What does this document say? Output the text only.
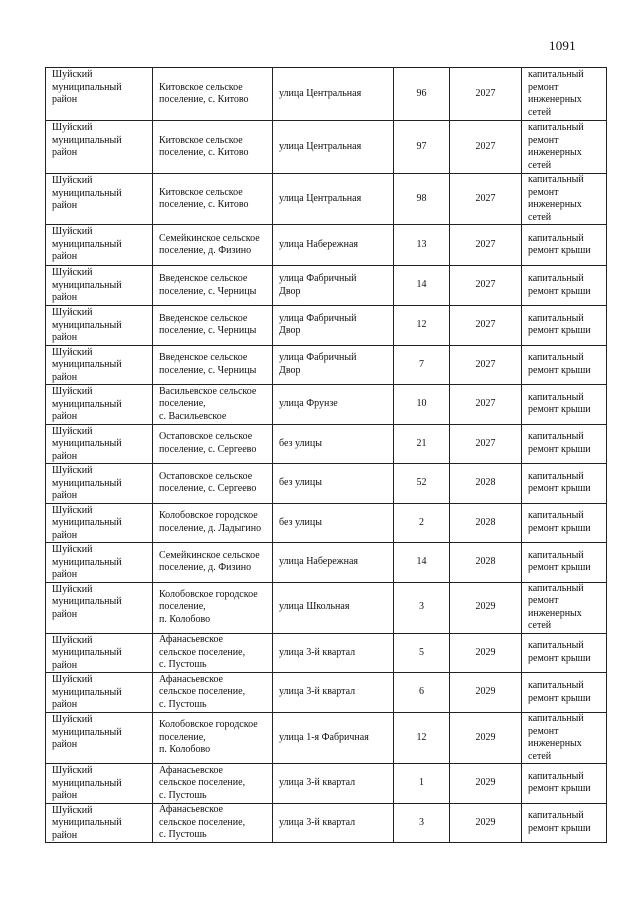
1091
Шуйский
муниципальный
район	Китовское сельское
поселение, с. Китово	улица Центральная	96	2027	капитальный
ремонт
инженерных
сетей

Шуйский
муниципальный
район	Китовское сельское
поселение, с. Китово	улица Центральная	97	2027	капитальный
ремонт
инженерных
сетей

Шуйский
муниципальный
район	Китовское сельское
поселение, с. Китово	улица Центральная	98	2027	капитальный
ремонт
инженерных
сетей

Шуйский
муниципальный
район	Семейкинское сельское
поселение, д. Физино	улица Набережная	13	2027	капитальный
ремонт крыши

Шуйский
муниципальный
район	Введенское сельское
поселение, с. Черницы	улица Фабричный
Двор	14	2027	капитальный
ремонт крыши

Шуйский
муниципальный
район	Введенское сельское
поселение, с. Черницы	улица Фабричный
Двор	12	2027	капитальный
ремонт крыши

Шуйский
муниципальный
район	Введенское сельское
поселение, с. Черницы	улица Фабричный
Двор	7	2027	капитальный
ремонт крыши

Шуйский
муниципальный
район	Васильевское сельское
поселение,
с. Васильевское	улица Фрунзе	10	2027	капитальный
ремонт крыши

Шуйский
муниципальный
район	Остаповское сельское
поселение, с. Сергеево	без улицы	21	2027	капитальный
ремонт крыши

Шуйский
муниципальный
район	Остаповское сельское
поселение, с. Сергеево	без улицы	52	2028	капитальный
ремонт крыши

Шуйский
муниципальный
район	Колобовское городское
поселение, д. Ладыгино	без улицы	2	2028	капитальный
ремонт крыши

Шуйский
муниципальный
район	Семейкинское сельское
поселение, д. Физино	улица Набережная	14	2028	капитальный
ремонт крыши

Шуйский
муниципальный
район	Колобовское городское
поселение,
п. Колобово	улица Школьная	3	2029	капитальный
ремонт
инженерных
сетей

Шуйский
муниципальный
район	Афанасьевское
сельское поселение,
с. Пустошь	улица 3-й квартал	5	2029	капитальный
ремонт крыши

Шуйский
муниципальный
район	Афанасьевское
сельское поселение,
с. Пустошь	улица 3-й квартал	6	2029	капитальный
ремонт крыши

Шуйский
муниципальный
район	Колобовское городское
поселение,
п. Колобово	улица 1-я Фабричная	12	2029	капитальный
ремонт
инженерных
сетей

Шуйский
муниципальный
район	Афанасьевское
сельское поселение,
с. Пустошь	улица 3-й квартал	1	2029	капитальный
ремонт крыши

Шуйский
муниципальный
район	Афанасьевское
сельское поселение,
с. Пустошь	улица 3-й квартал	3	2029	капитальный
ремонт крыши
